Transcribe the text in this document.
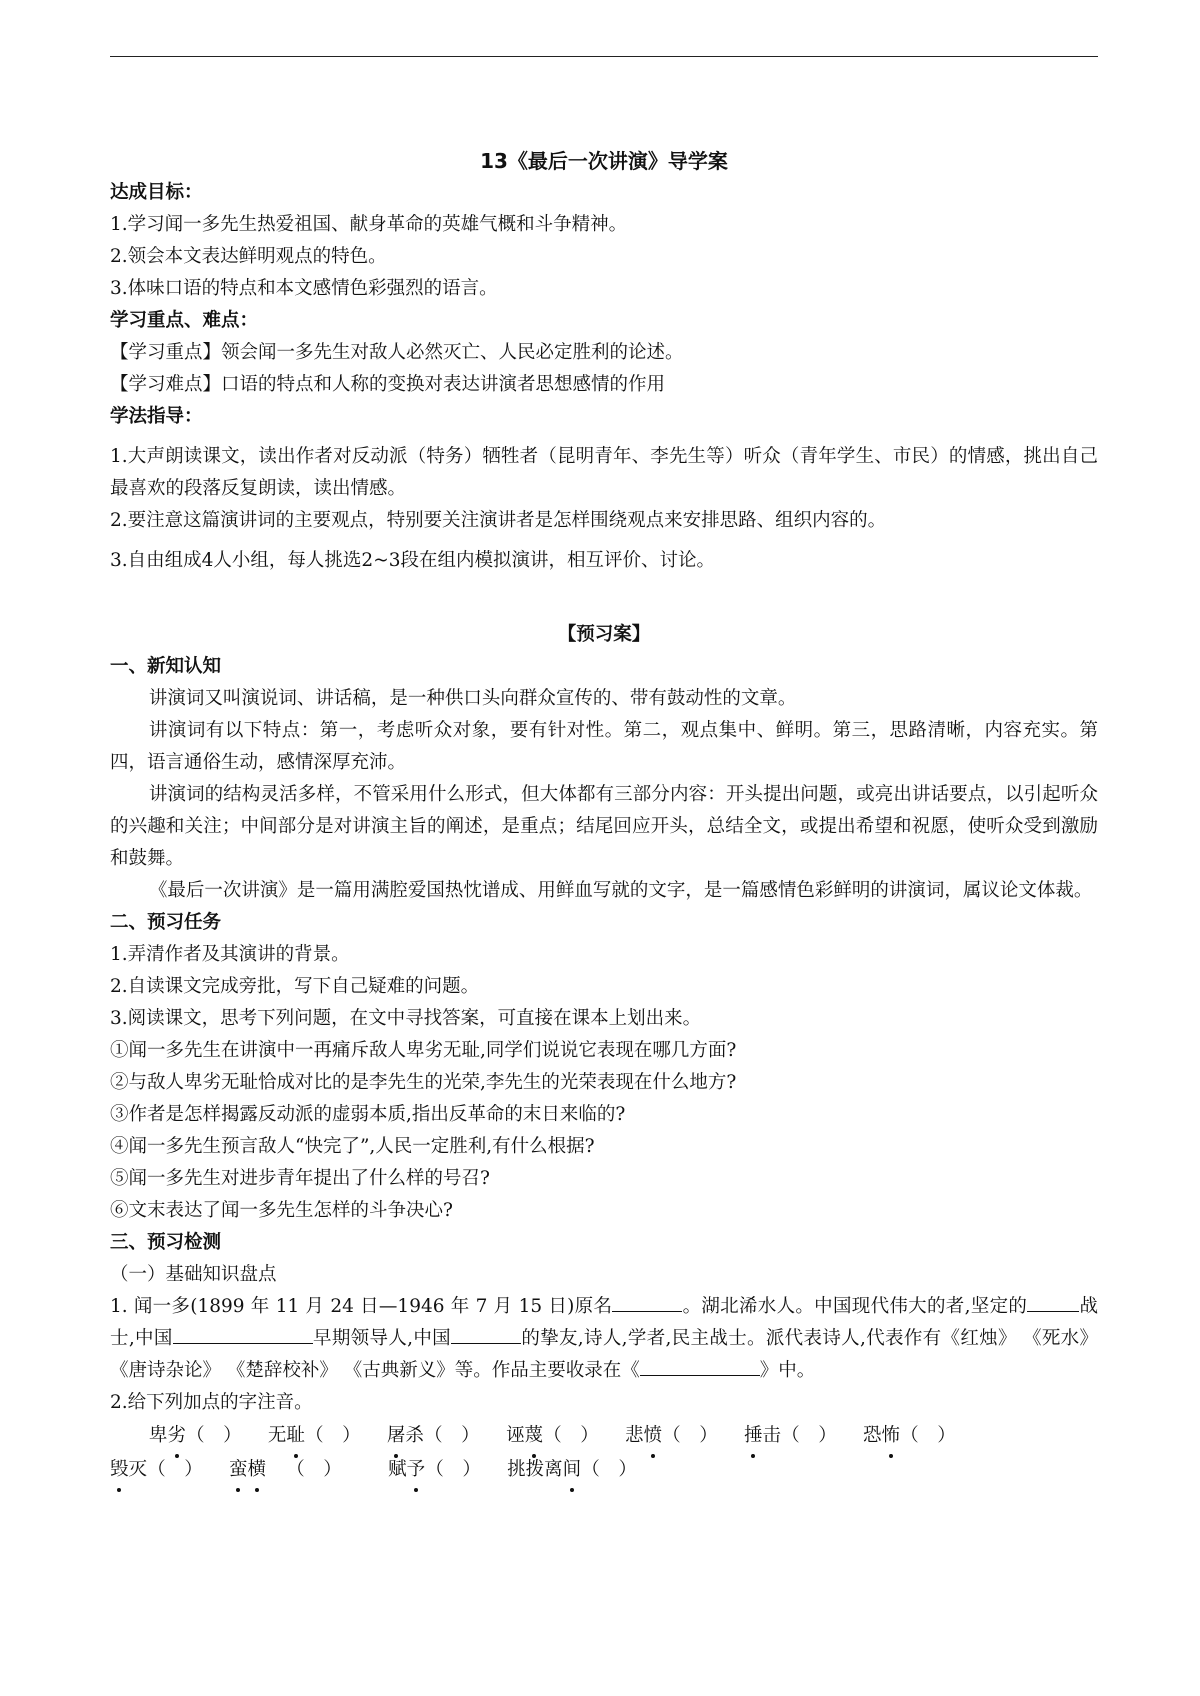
13《最后一次讲演》导学案

达成目标：

1.学习闻一多先生热爱祖国、献身革命的英雄气概和斗争精神。

2.领会本文表达鲜明观点的特色。

3.体味口语的特点和本文感情色彩强烈的语言。

学习重点、难点：

【学习重点】领会闻一多先生对敌人必然灭亡、人民必定胜利的论述。

【学习难点】口语的特点和人称的变换对表达讲演者思想感情的作用

学法指导：

1.大声朗读课文，读出作者对反动派（特务）牺牲者（昆明青年、李先生等）听众（青年学生、市民）的情感，挑出自己最喜欢的段落反复朗读，读出情感。

2.要注意这篇演讲词的主要观点，特别要关注演讲者是怎样围绕观点来安排思路、组织内容的。

3.自由组成4人小组，每人挑选2~3段在组内模拟演讲，相互评价、讨论。

【预习案】

一、新知认知

讲演词又叫演说词、讲话稿，是一种供口头向群众宣传的、带有鼓动性的文章。

讲演词有以下特点：第一，考虑听众对象，要有针对性。第二，观点集中、鲜明。第三，思路清晰，内容充实。第四，语言通俗生动，感情深厚充沛。

讲演词的结构灵活多样，不管采用什么形式，但大体都有三部分内容：开头提出问题，或亮出讲话要点，以引起听众的兴趣和关注；中间部分是对讲演主旨的阐述，是重点；结尾回应开头，总结全文，或提出希望和祝愿，使听众受到激励和鼓舞。

《最后一次讲演》是一篇用满腔爱国热忱谱成、用鲜血写就的文字，是一篇感情色彩鲜明的讲演词，属议论文体裁。

二、预习任务

1.弄清作者及其演讲的背景。

2.自读课文完成旁批，写下自己疑难的问题。

3.阅读课文，思考下列问题，在文中寻找答案，可直接在课本上划出来。

①闻一多先生在讲演中一再痛斥敌人卑劣无耻,同学们说说它表现在哪几方面?

②与敌人卑劣无耻恰成对比的是李先生的光荣,李先生的光荣表现在什么地方?

③作者是怎样揭露反动派的虚弱本质,指出反革命的末日来临的?

④闻一多先生预言敌人“快完了”,人民一定胜利,有什么根据?

⑤闻一多先生对进步青年提出了什么样的号召?

⑥文末表达了闻一多先生怎样的斗争决心?

三、预习检测

（一）基础知识盘点

1. 闻一多(1899 年 11 月 24 日—1946 年 7 月 15 日)原名	。湖北浠水人。中国现代伟大的者,坚定的	战士,中国	早期领导人,中国	的挚友,诗人,学者,民主战士。派代表诗人,代表作有《红烛》 《死水》 《唐诗杂论》 《楚辞校补》 《古典新义》等。作品主要收录在《	》中。

2.给下列加点的字注音。

卑劣（　） 无耻（　） 屠杀（　） 诬蔑（　） 悲愤（　） 捶击（　） 恐怖（　）毁灭（　） 蛮横 （　）	赋予（　） 挑拨离间（　）
